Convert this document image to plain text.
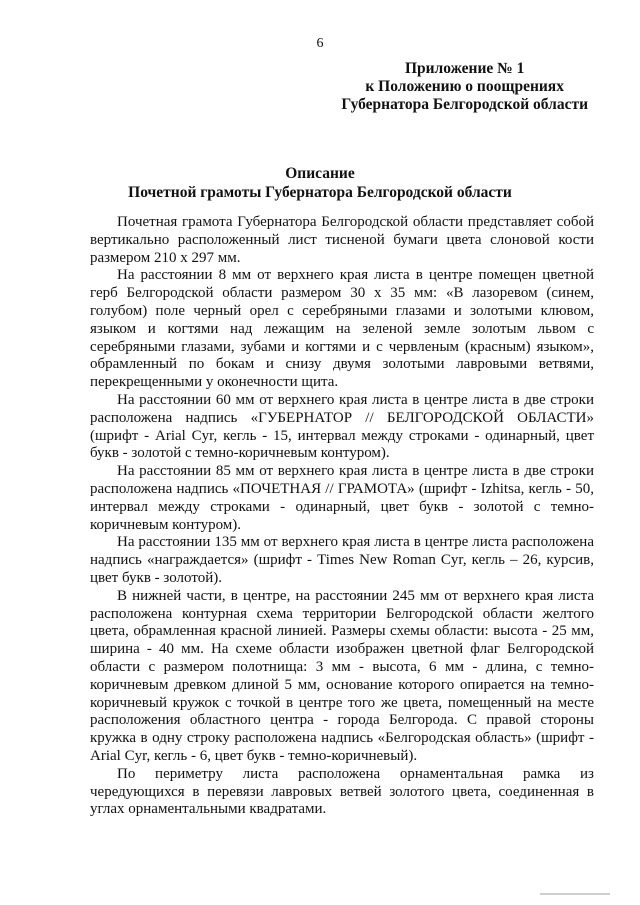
6
Приложение № 1
к Положению о поощрениях
Губернатора Белгородской области
Описание
Почетной грамоты Губернатора Белгородской области

Почетная грамота Губернатора Белгородской области представляет собой вертикально расположенный лист тисненой бумаги цвета слоновой кости размером 210 х 297 мм.

На расстоянии 8 мм от верхнего края листа в центре помещен цветной герб Белгородской области размером 30 х 35 мм: «В лазоревом (синем, голубом) поле черный орел с серебряными глазами и золотыми клювом, языком и когтями над лежащим на зеленой земле золотым львом с серебряными глазами, зубами и когтями и с червленым (красным) языком», обрамленный по бокам и снизу двумя золотыми лавровыми ветвями, перекрещенными у оконечности щита.

На расстоянии 60 мм от верхнего края листа в центре листа в две строки расположена надпись «ГУБЕРНАТОР // БЕЛГОРОДСКОЙ ОБЛАСТИ» (шрифт - Arial Cyr, кегль - 15, интервал между строками - одинарный, цвет букв - золотой с темно-коричневым контуром).

На расстоянии 85 мм от верхнего края листа в центре листа в две строки расположена надпись «ПОЧЕТНАЯ // ГРАМОТА» (шрифт - Izhitsa, кегль - 50, интервал между строками - одинарный, цвет букв - золотой с темно-коричневым контуром).

На расстоянии 135 мм от верхнего края листа в центре листа расположена надпись «награждается» (шрифт - Times New Roman Cyr, кегль – 26, курсив, цвет букв - золотой).

В нижней части, в центре, на расстоянии 245 мм от верхнего края листа расположена контурная схема территории Белгородской области желтого цвета, обрамленная красной линией. Размеры схемы области: высота - 25 мм, ширина - 40 мм. На схеме области изображен цветной флаг Белгородской области с размером полотнища: 3 мм - высота, 6 мм - длина, с темно-коричневым древком длиной 5 мм, основание которого опирается на темно-коричневый кружок с точкой в центре того же цвета, помещенный на месте расположения областного центра - города Белгорода. С правой стороны кружка в одну строку расположена надпись «Белгородская область» (шрифт - Arial Cyr, кегль - 6, цвет букв - темно-коричневый).

По периметру листа расположена орнаментальная рамка из чередующихся в перевязи лавровых ветвей золотого цвета, соединенная в углах орнаментальными квадратами.
